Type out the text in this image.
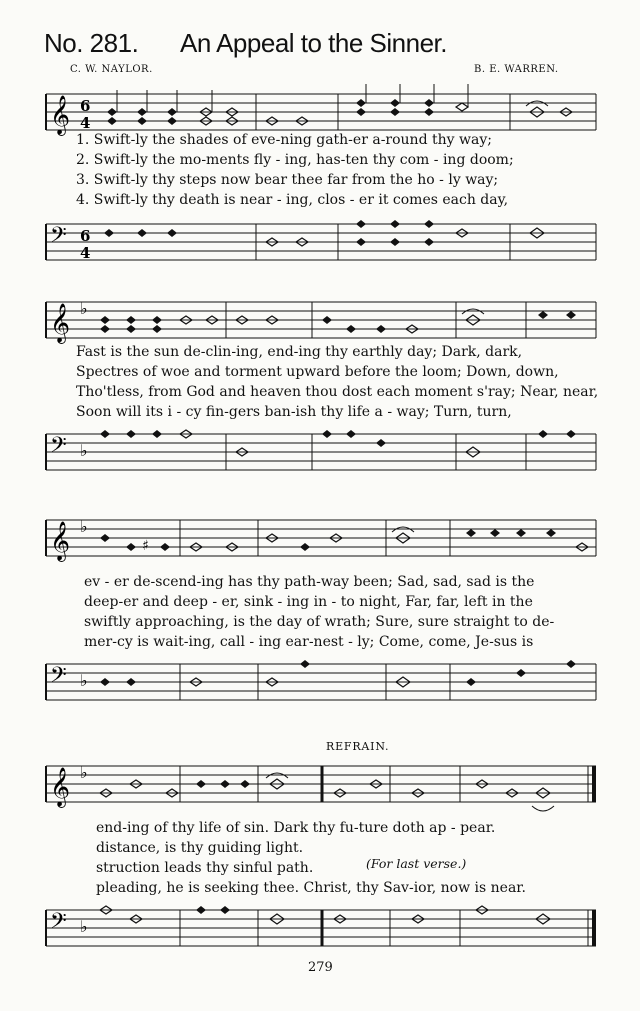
No. 281. An Appeal to the Sinner.
C. W. NAYLOR.	B. E. WARREN.
𝄞 6
4
1. Swift-ly the shades of eve-ning gath-er a-round thy way;
2. Swift-ly the mo-ments fly - ing, has-ten thy com - ing doom;
3. Swift-ly thy steps now bear thee far from the ho - ly way;
4. Swift-ly thy death is near - ing, clos - er it comes each day,
𝄢 6
4
𝄞 ♭
Fast is the sun de-clin-ing, end-ing thy earthly day; Dark, dark,
Spectres of woe and torment upward before the loom; Down, down,
Tho'tless, from God and heaven thou dost each moment s'ray; Near, near,
Soon will its i - cy fin-gers ban-ish thy life a - way; Turn, turn,
𝄢 ♭
𝄞 ♭
♯
ev - er de-scend-ing has thy path-way been; Sad, sad, sad is the
deep-er and deep - er, sink - ing in - to night, Far, far, left in the
swiftly approaching, is the day of wrath; Sure, sure straight to de-
mer-cy is wait-ing, call - ing ear-nest - ly; Come, come, Je-sus is
𝄢 ♭
REFRAIN.
𝄞 ♭
end-ing of thy life of sin. Dark thy fu-ture doth ap - pear.
distance, is thy guiding light.
(For last verse.)
struction leads thy sinful path.
pleading, he is seeking thee. Christ, thy Sav-ior, now is near.
𝄢 ♭
279
